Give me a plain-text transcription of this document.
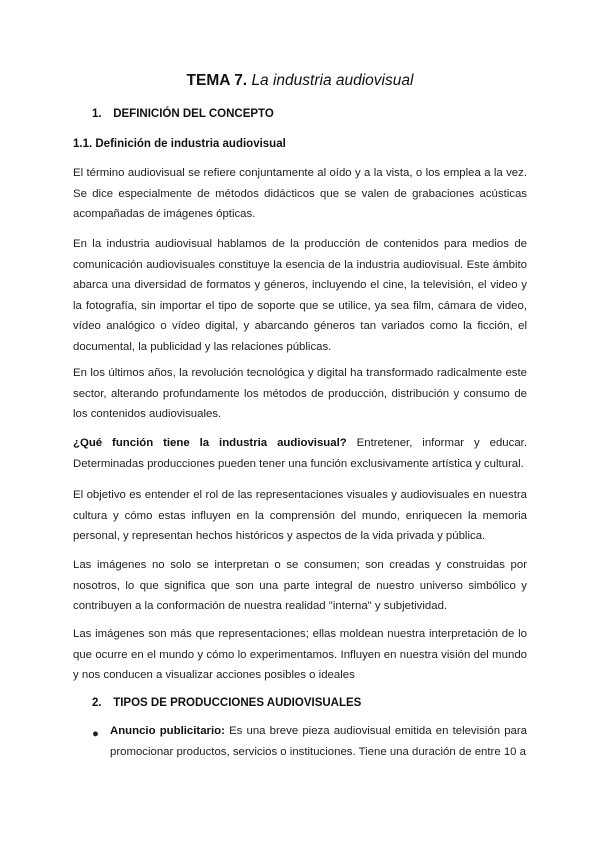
TEMA 7. La industria audiovisual
1. DEFINICIÓN DEL CONCEPTO
1.1. Definición de industria audiovisual
El término audiovisual se refiere conjuntamente al oído y a la vista, o los emplea a la vez. Se dice especialmente de métodos didácticos que se valen de grabaciones acústicas acompañadas de imágenes ópticas.
En la industria audiovisual hablamos de la producción de contenidos para medios de comunicación audiovisuales constituye la esencia de la industria audiovisual. Este ámbito abarca una diversidad de formatos y géneros, incluyendo el cine, la televisión, el video y la fotografía, sin importar el tipo de soporte que se utilice, ya sea film, cámara de video, vídeo analógico o vídeo digital, y abarcando géneros tan variados como la ficción, el documental, la publicidad y las relaciones públicas.
En los últimos años, la revolución tecnológica y digital ha transformado radicalmente este sector, alterando profundamente los métodos de producción, distribución y consumo de los contenidos audiovisuales.
¿Qué función tiene la industria audiovisual? Entretener, informar y educar. Determinadas producciones pueden tener una función exclusivamente artística y cultural.
El objetivo es entender el rol de las representaciones visuales y audiovisuales en nuestra cultura y cómo estas influyen en la comprensión del mundo, enriquecen la memoria personal, y representan hechos históricos y aspectos de la vida privada y pública.
Las imágenes no solo se interpretan o se consumen; son creadas y construidas por nosotros, lo que significa que son una parte integral de nuestro universo simbólico y contribuyen a la conformación de nuestra realidad "interna" y subjetividad.
Las imágenes son más que representaciones; ellas moldean nuestra interpretación de lo que ocurre en el mundo y cómo lo experimentamos. Influyen en nuestra visión del mundo y nos conducen a visualizar acciones posibles o ideales
2. TIPOS DE PRODUCCIONES AUDIOVISUALES
● Anuncio publicitario: Es una breve pieza audiovisual emitida en televisión para promocionar productos, servicios o instituciones. Tiene una duración de entre 10 a
